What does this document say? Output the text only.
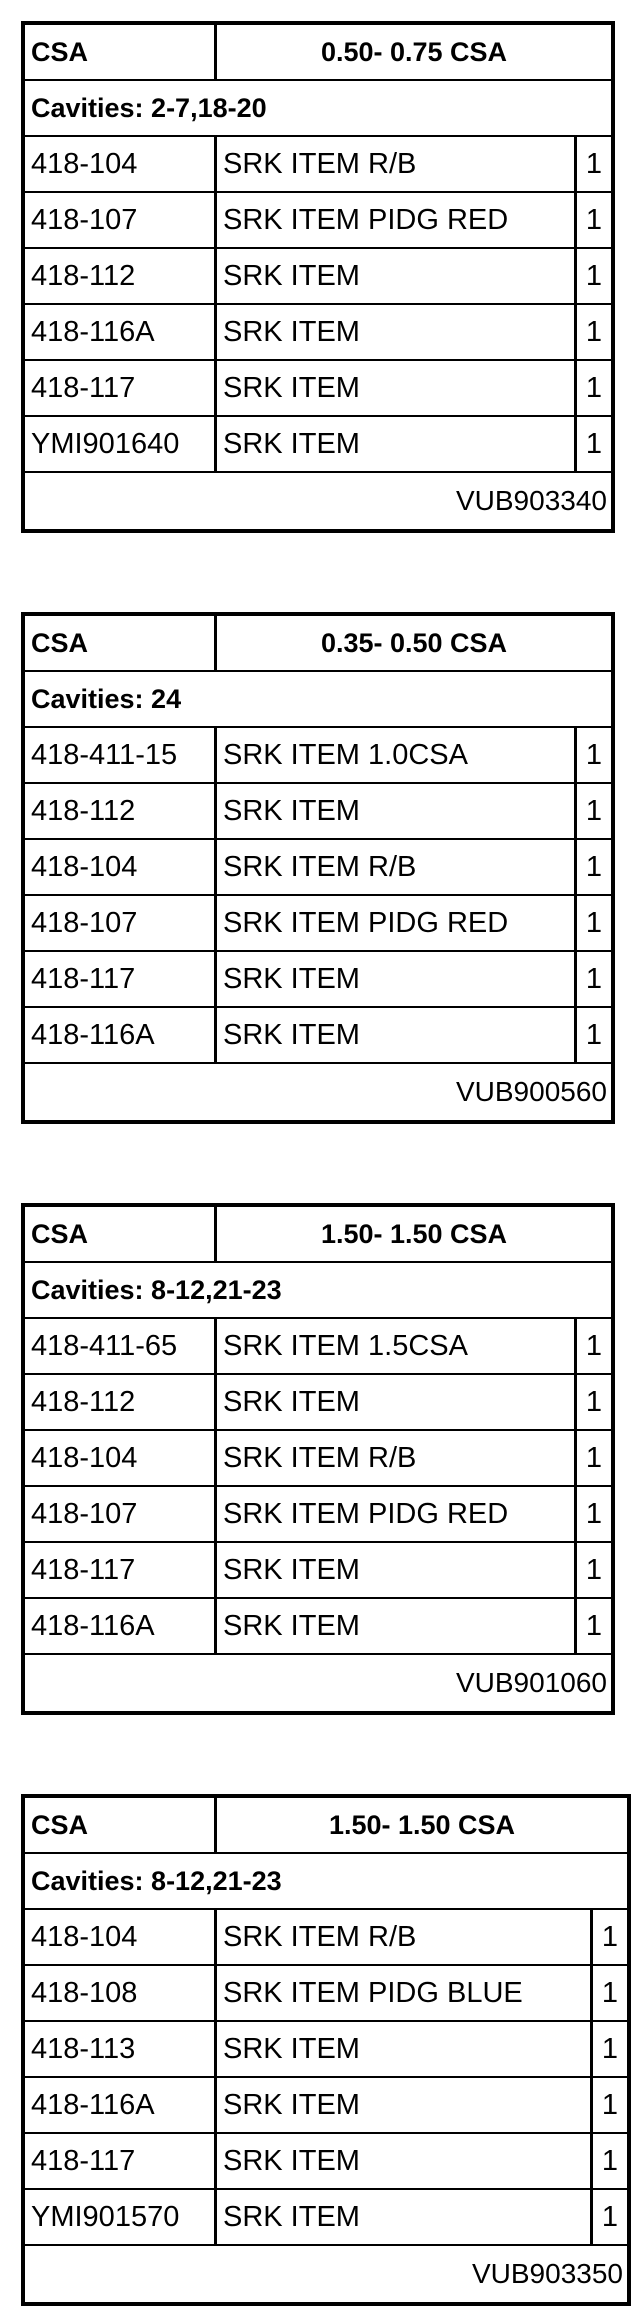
CSA	0.50- 0.75 CSA
Cavities: 2-7,18-20
418-104	SRK ITEM R/B	1
418-107	SRK ITEM PIDG RED	1
418-112	SRK ITEM	1
418-116A	SRK ITEM	1
418-117	SRK ITEM	1
YMI901640	SRK ITEM	1
VUB903340
CSA	0.35- 0.50 CSA
Cavities: 24
418-411-15	SRK ITEM 1.0CSA	1
418-112	SRK ITEM	1
418-104	SRK ITEM R/B	1
418-107	SRK ITEM PIDG RED	1
418-117	SRK ITEM	1
418-116A	SRK ITEM	1
VUB900560
CSA	1.50- 1.50 CSA
Cavities: 8-12,21-23
418-411-65	SRK ITEM 1.5CSA	1
418-112	SRK ITEM	1
418-104	SRK ITEM R/B	1
418-107	SRK ITEM PIDG RED	1
418-117	SRK ITEM	1
418-116A	SRK ITEM	1
VUB901060
CSA	1.50- 1.50 CSA
Cavities: 8-12,21-23
418-104	SRK ITEM R/B	1
418-108	SRK ITEM PIDG BLUE	1
418-113	SRK ITEM	1
418-116A	SRK ITEM	1
418-117	SRK ITEM	1
YMI901570	SRK ITEM	1
VUB903350
